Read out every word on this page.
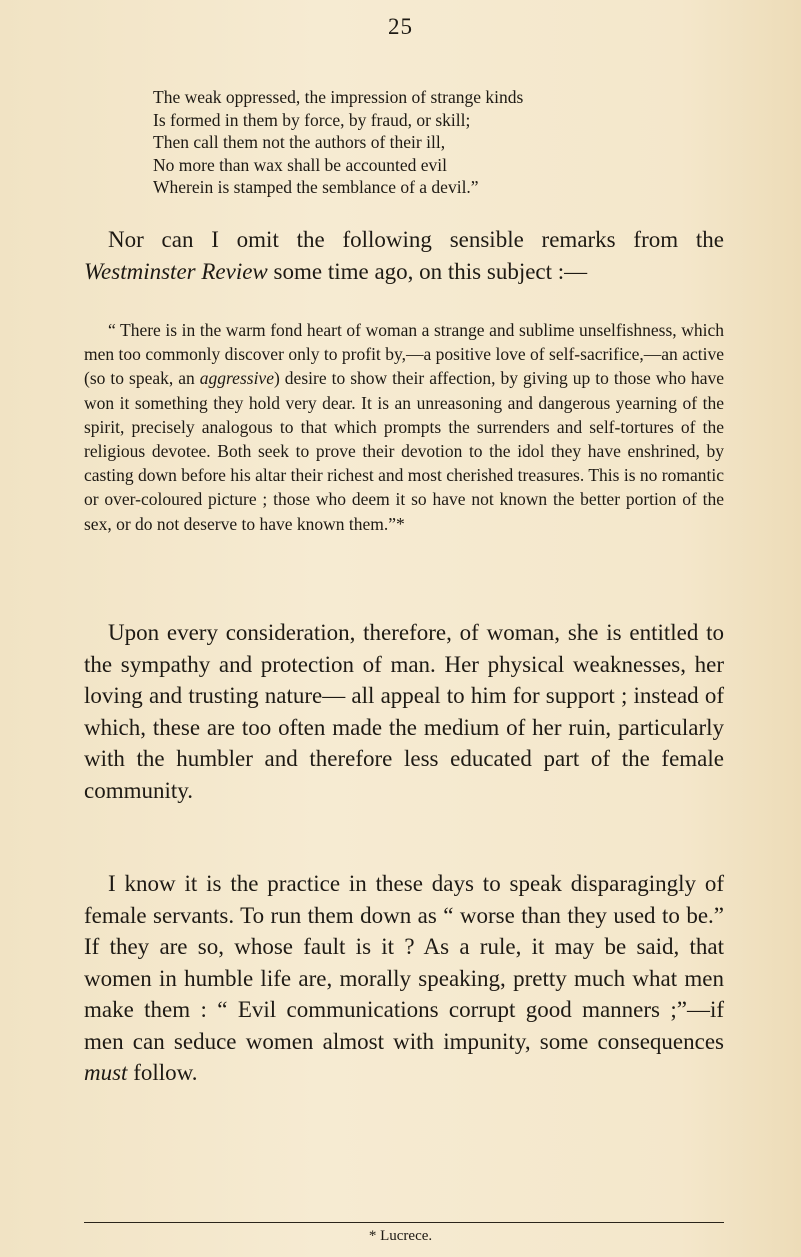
25
The weak oppressed, the impression of strange kinds
Is formed in them by force, by fraud, or skill;
Then call them not the authors of their ill,
No more than wax shall be accounted evil
Wherein is stamped the semblance of a devil.”

Nor can I omit the following sensible remarks from the Westminster Review some time ago, on this subject :—

“ There is in the warm fond heart of woman a strange and sublime unselfishness, which men too commonly discover only to profit by,—a positive love of self-sacrifice,—an active (so to speak, an aggressive) desire to show their affection, by giving up to those who have won it something they hold very dear. It is an unreasoning and dangerous yearning of the spirit, precisely analogous to that which prompts the surrenders and self-tortures of the religious devotee. Both seek to prove their devotion to the idol they have enshrined, by casting down before his altar their richest and most cherished treasures. This is no romantic or over-coloured picture ; those who deem it so have not known the better portion of the sex, or do not deserve to have known them.”*

Upon every consideration, therefore, of woman, she is entitled to the sympathy and protection of man. Her physical weaknesses, her loving and trusting nature— all appeal to him for support ; instead of which, these are too often made the medium of her ruin, particularly with the humbler and therefore less educated part of the female community.

I know it is the practice in these days to speak disparagingly of female servants. To run them down as “ worse than they used to be.” If they are so, whose fault is it ? As a rule, it may be said, that women in humble life are, morally speaking, pretty much what men make them : “ Evil communications corrupt good manners ;”—if men can seduce women almost with impunity, some consequences must follow.

* Lucrece.
